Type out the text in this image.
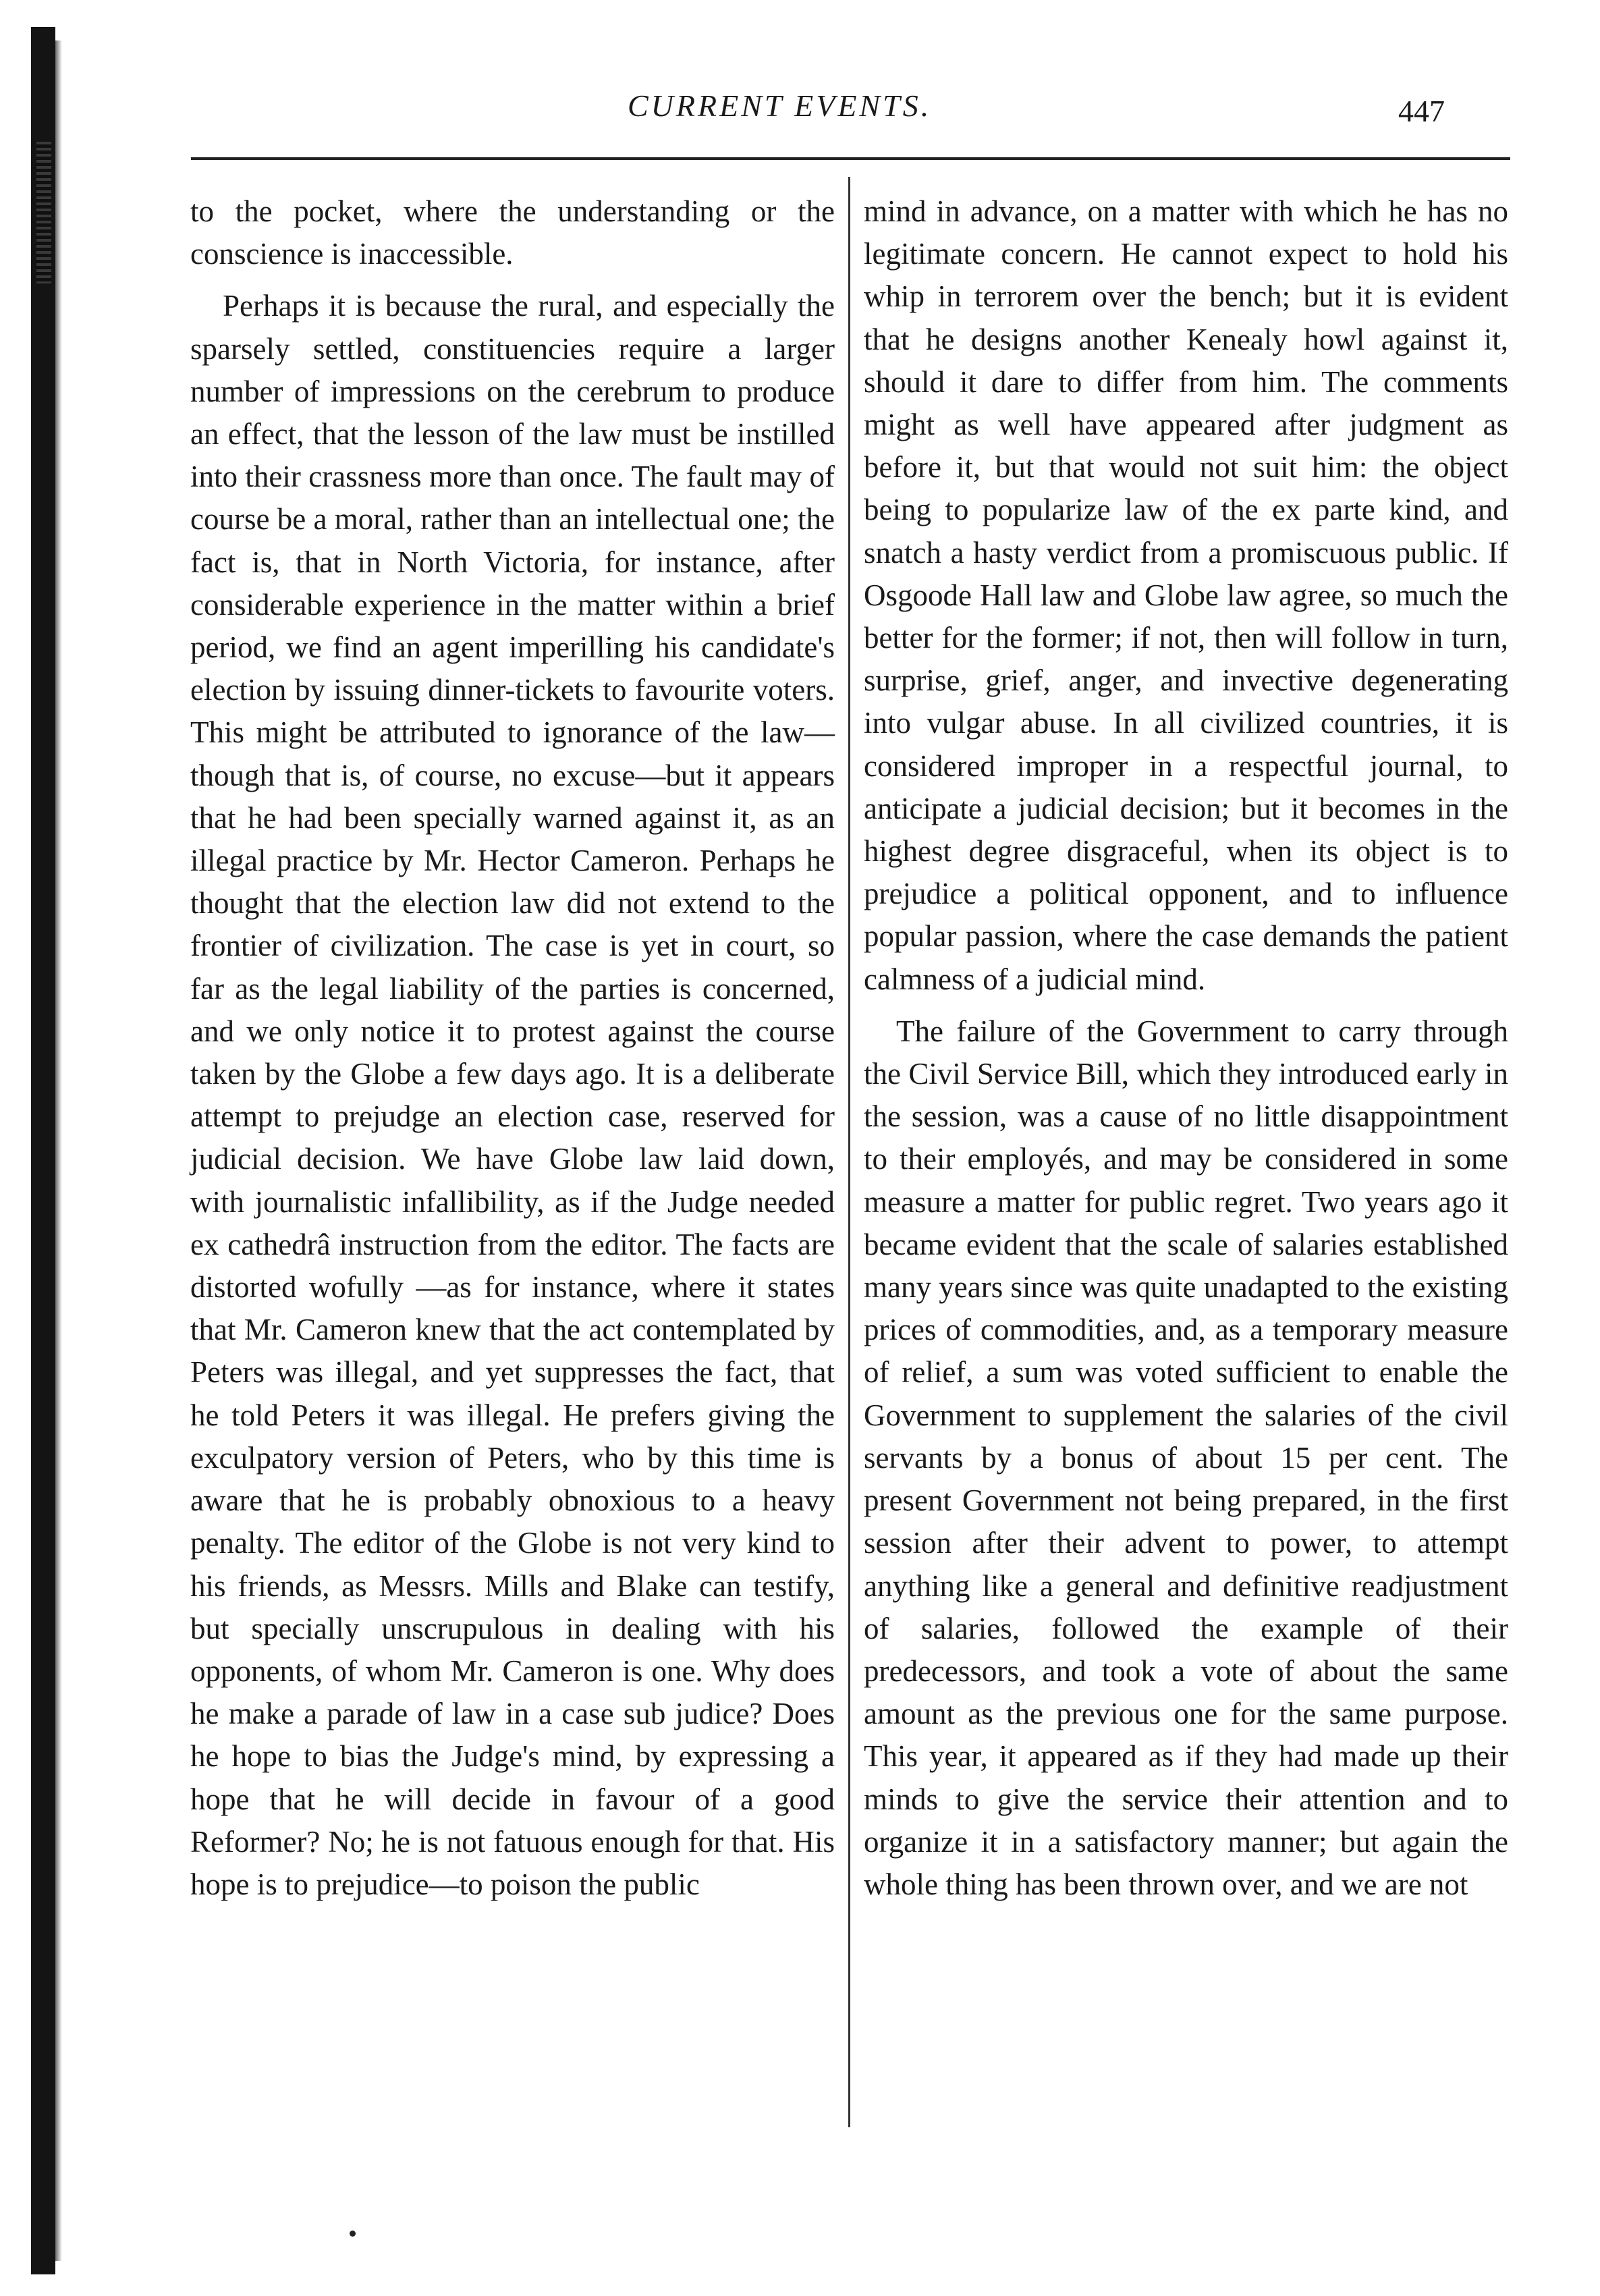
CURRENT EVENTS.	447

to the pocket, where the understanding or the conscience is inaccessible.

Perhaps it is because the rural, and especially the sparsely settled, constituencies require a larger number of impressions on the cerebrum to produce an effect, that the lesson of the law must be instilled into their crassness more than once. The fault may of course be a moral, rather than an intellectual one; the fact is, that in North Victoria, for instance, after considerable experience in the matter within a brief period, we find an agent imperilling his candidate's election by issuing dinner-tickets to favourite voters. This might be attributed to ignorance of the law—though that is, of course, no excuse—but it appears that he had been specially warned against it, as an illegal practice by Mr. Hector Cameron. Perhaps he thought that the election law did not extend to the frontier of civilization. The case is yet in court, so far as the legal liability of the parties is concerned, and we only notice it to protest against the course taken by the Globe a few days ago. It is a deliberate attempt to prejudge an election case, reserved for judicial decision. We have Globe law laid down, with journalistic infallibility, as if the Judge needed ex cathedrâ instruction from the editor. The facts are distorted wofully —as for instance, where it states that Mr. Cameron knew that the act contemplated by Peters was illegal, and yet suppresses the fact, that he told Peters it was illegal. He prefers giving the exculpatory version of Peters, who by this time is aware that he is probably obnoxious to a heavy penalty. The editor of the Globe is not very kind to his friends, as Messrs. Mills and Blake can testify, but specially unscrupulous in dealing with his opponents, of whom Mr. Cameron is one. Why does he make a parade of law in a case sub judice? Does he hope to bias the Judge's mind, by expressing a hope that he will decide in favour of a good Reformer? No; he is not fatuous enough for that. His hope is to prejudice—to poison the public

mind in advance, on a matter with which he has no legitimate concern. He cannot expect to hold his whip in terrorem over the bench; but it is evident that he designs another Kenealy howl against it, should it dare to differ from him. The comments might as well have appeared after judgment as before it, but that would not suit him: the object being to popularize law of the ex parte kind, and snatch a hasty verdict from a promiscuous public. If Osgoode Hall law and Globe law agree, so much the better for the former; if not, then will follow in turn, surprise, grief, anger, and invective degenerating into vulgar abuse. In all civilized countries, it is considered improper in a respectful journal, to anticipate a judicial decision; but it becomes in the highest degree disgraceful, when its object is to prejudice a political opponent, and to influence popular passion, where the case demands the patient calmness of a judicial mind.

The failure of the Government to carry through the Civil Service Bill, which they introduced early in the session, was a cause of no little disappointment to their employés, and may be considered in some measure a matter for public regret. Two years ago it became evident that the scale of salaries established many years since was quite unadapted to the existing prices of commodities, and, as a temporary measure of relief, a sum was voted sufficient to enable the Government to supplement the salaries of the civil servants by a bonus of about 15 per cent. The present Government not being prepared, in the first session after their advent to power, to attempt anything like a general and definitive readjustment of salaries, followed the example of their predecessors, and took a vote of about the same amount as the previous one for the same purpose. This year, it appeared as if they had made up their minds to give the service their attention and to organize it in a satisfactory manner; but again the whole thing has been thrown over, and we are not
